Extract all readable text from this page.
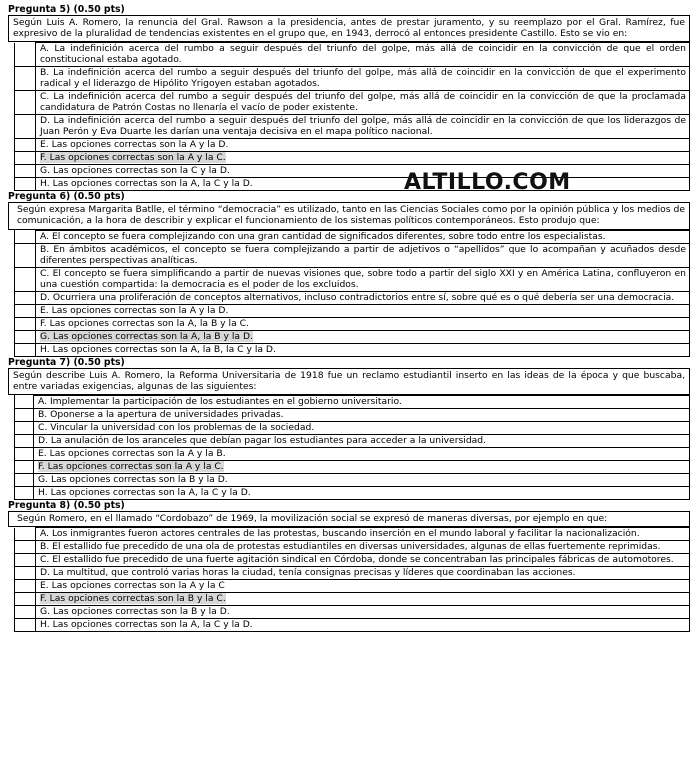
Pregunta 5) (0.50 pts)
Según Luis A. Romero, la renuncia del Gral. Rawson a la presidencia, antes de prestar juramento, y su reemplazo por el Gral. Ramírez, fue expresivo de la pluralidad de tendencias existentes en el grupo que, en 1943, derrocó al entonces presidente Castillo. Esto se vio en:
	A. La indefinición acerca del rumbo a seguir después del triunfo del golpe, más allá de coincidir en la convicción de que el orden constitucional estaba agotado.
	B. La indefinición acerca del rumbo a seguir después del triunfo del golpe, más allá de coincidir en la convicción de que el experimento radical y el liderazgo de Hipólito Yrigoyen estaban agotados.
	C. La indefinición acerca del rumbo a seguir después del triunfo del golpe, más allá de coincidir en la convicción de que la proclamada candidatura de Patrón Costas no llenaría el vacío de poder existente.
	D. La indefinición acerca del rumbo a seguir después del triunfo del golpe, más allá de coincidir en la convicción de que los liderazgos de Juan Perón y Eva Duarte les darían una ventaja decisiva en el mapa político nacional.
	E. Las opciones correctas son la A y la D.
	F. Las opciones correctas son la A y la C.
	G. Las opciones correctas son la C y la D.
	H. Las opciones correctas son la A, la C y la D.
Pregunta 6) (0.50 pts)
Según expresa Margarita Batlle, el término “democracia” es utilizado, tanto en las Ciencias Sociales como por la opinión pública y los medios de comunicación, a la hora de describir y explicar el funcionamiento de los sistemas políticos contemporáneos. Esto produjo que:
	A. El concepto se fuera complejizando con una gran cantidad de significados diferentes, sobre todo entre los especialistas.
	B. En ámbitos académicos, el concepto se fuera complejizando a partir de adjetivos o “apellidos” que lo acompañan y acuñados desde diferentes perspectivas analíticas.
	C. El concepto se fuera simplificando a partir de nuevas visiones que, sobre todo a partir del siglo XXI y en América Latina, confluyeron en una cuestión compartida: la democracia es el poder de los excluidos.
	D. Ocurriera una proliferación de conceptos alternativos, incluso contradictorios entre sí, sobre qué es o qué debería ser una democracia.
	E. Las opciones correctas son la A y la D.
	F. Las opciones correctas son la A, la B y la C.
	G. Las opciones correctas son la A, la B y la D.
	H. Las opciones correctas son la A, la B, la C y la D.
Pregunta 7) (0.50 pts)
Según describe Luis A. Romero, la Reforma Universitaria de 1918 fue un reclamo estudiantil inserto en las ideas de la época y que buscaba, entre variadas exigencias, algunas de las siguientes:
	A. Implementar la participación de los estudiantes en el gobierno universitario.
	B. Oponerse a la apertura de universidades privadas.
	C. Vincular la universidad con los problemas de la sociedad.
	D. La anulación de los aranceles que debían pagar los estudiantes para acceder a la universidad.
	E. Las opciones correctas son la A y la B.
	F. Las opciones correctas son la A y la C.
	G. Las opciones correctas son la B y la D.
	H. Las opciones correctas son la A, la C y la D.
Pregunta 8) (0.50 pts)
Según Romero, en el llamado “Cordobazo” de 1969, la movilización social se expresó de maneras diversas, por ejemplo en que:
	A. Los inmigrantes fueron actores centrales de las protestas, buscando inserción en el mundo laboral y facilitar la nacionalización.
	B. El estallido fue precedido de una ola de protestas estudiantiles en diversas universidades, algunas de ellas fuertemente reprimidas.
	C. El estallido fue precedido de una fuerte agitación sindical en Córdoba, donde se concentraban las principales fábricas de automotores.
	D. La multitud, que controló varias horas la ciudad, tenía consignas precisas y líderes que coordinaban las acciones.
	E. Las opciones correctas son la A y la C
	F. Las opciones correctas son la B y la C.
	G. Las opciones correctas son la B y la D.
	H. Las opciones correctas son la A, la C y la D.
ALTILLO.COM
